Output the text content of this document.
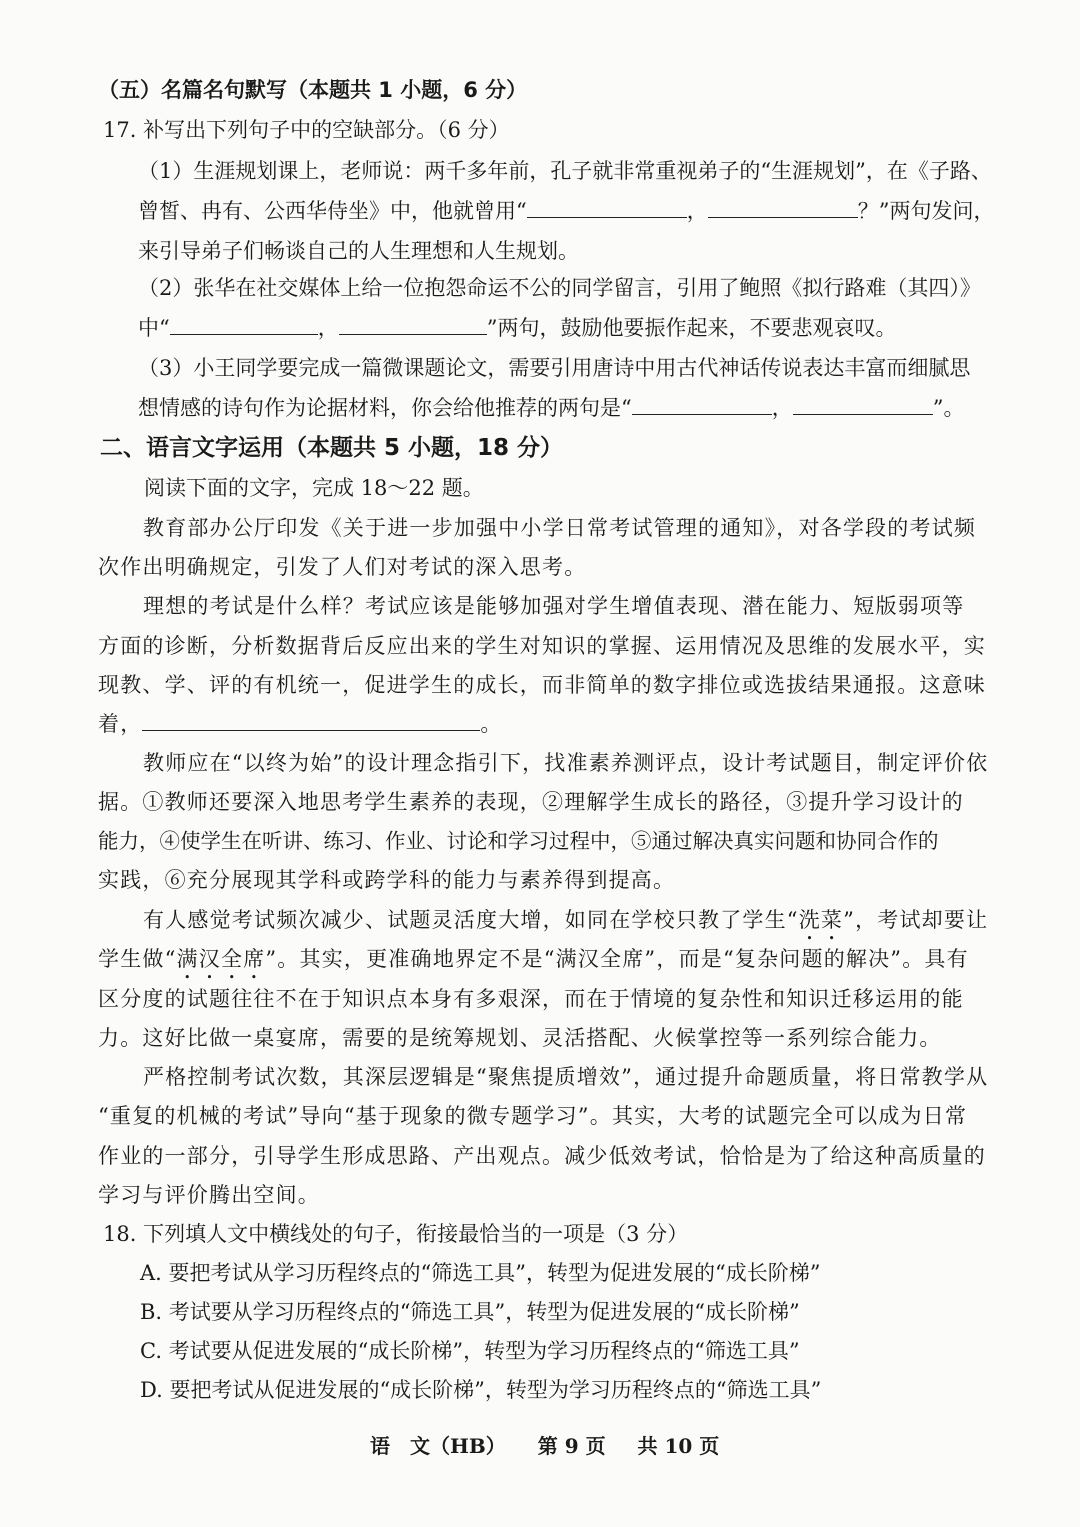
（五）名篇名句默写（本题共 1 小题，6 分）
17. 补写出下列句子中的空缺部分。（6 分）
（1）生涯规划课上，老师说：两千多年前，孔子就非常重视弟子的“生涯规划”，在《子路、
曾皙、冉有、公西华侍坐》中，他就曾用“	，	？”两句发问，
来引导弟子们畅谈自己的人生理想和人生规划。
（2）张华在社交媒体上给一位抱怨命运不公的同学留言，引用了鲍照《拟行路难（其四）》
中“	，	”两句，鼓励他要振作起来，不要悲观哀叹。
（3）小王同学要完成一篇微课题论文，需要引用唐诗中用古代神话传说表达丰富而细腻思
想情感的诗句作为论据材料，你会给他推荐的两句是“	，	”。
二、语言文字运用（本题共 5 小题，18 分）
阅读下面的文字，完成 18～22 题。
教育部办公厅印发《关于进一步加强中小学日常考试管理的通知》，对各学段的考试频
次作出明确规定，引发了人们对考试的深入思考。
理想的考试是什么样？考试应该是能够加强对学生增值表现、潜在能力、短版弱项等
方面的诊断，分析数据背后反应出来的学生对知识的掌握、运用情况及思维的发展水平，实
现教、学、评的有机统一，促进学生的成长，而非简单的数字排位或选拔结果通报。这意味
着，	。
教师应在“以终为始”的设计理念指引下，找准素养测评点，设计考试题目，制定评价依
据。①教师还要深入地思考学生素养的表现，②理解学生成长的路径，③提升学习设计的
能力，④使学生在听讲、练习、作业、讨论和学习过程中，⑤通过解决真实问题和协同合作的
实践，⑥充分展现其学科或跨学科的能力与素养得到提高。
有人感觉考试频次减少、试题灵活度大增，如同在学校只教了学生“洗菜”，考试却要让
学生做“满汉全席”。其实，更准确地界定不是“满汉全席”，而是“复杂问题的解决”。具有
区分度的试题往往不在于知识点本身有多艰深，而在于情境的复杂性和知识迁移运用的能
力。这好比做一桌宴席，需要的是统筹规划、灵活搭配、火候掌控等一系列综合能力。
严格控制考试次数，其深层逻辑是“聚焦提质增效”，通过提升命题质量，将日常教学从
“重复的机械的考试”导向“基于现象的微专题学习”。其实，大考的试题完全可以成为日常
作业的一部分，引导学生形成思路、产出观点。减少低效考试，恰恰是为了给这种高质量的
学习与评价腾出空间。
18. 下列填人文中横线处的句子，衔接最恰当的一项是（3 分）
A. 要把考试从学习历程终点的“筛选工具”，转型为促进发展的“成长阶梯”
B. 考试要从学习历程终点的“筛选工具”，转型为促进发展的“成长阶梯”
C. 考试要从促进发展的“成长阶梯”，转型为学习历程终点的“筛选工具”
D. 要把考试从促进发展的“成长阶梯”，转型为学习历程终点的“筛选工具”
语　文（HB） 第 9 页 共 10 页
